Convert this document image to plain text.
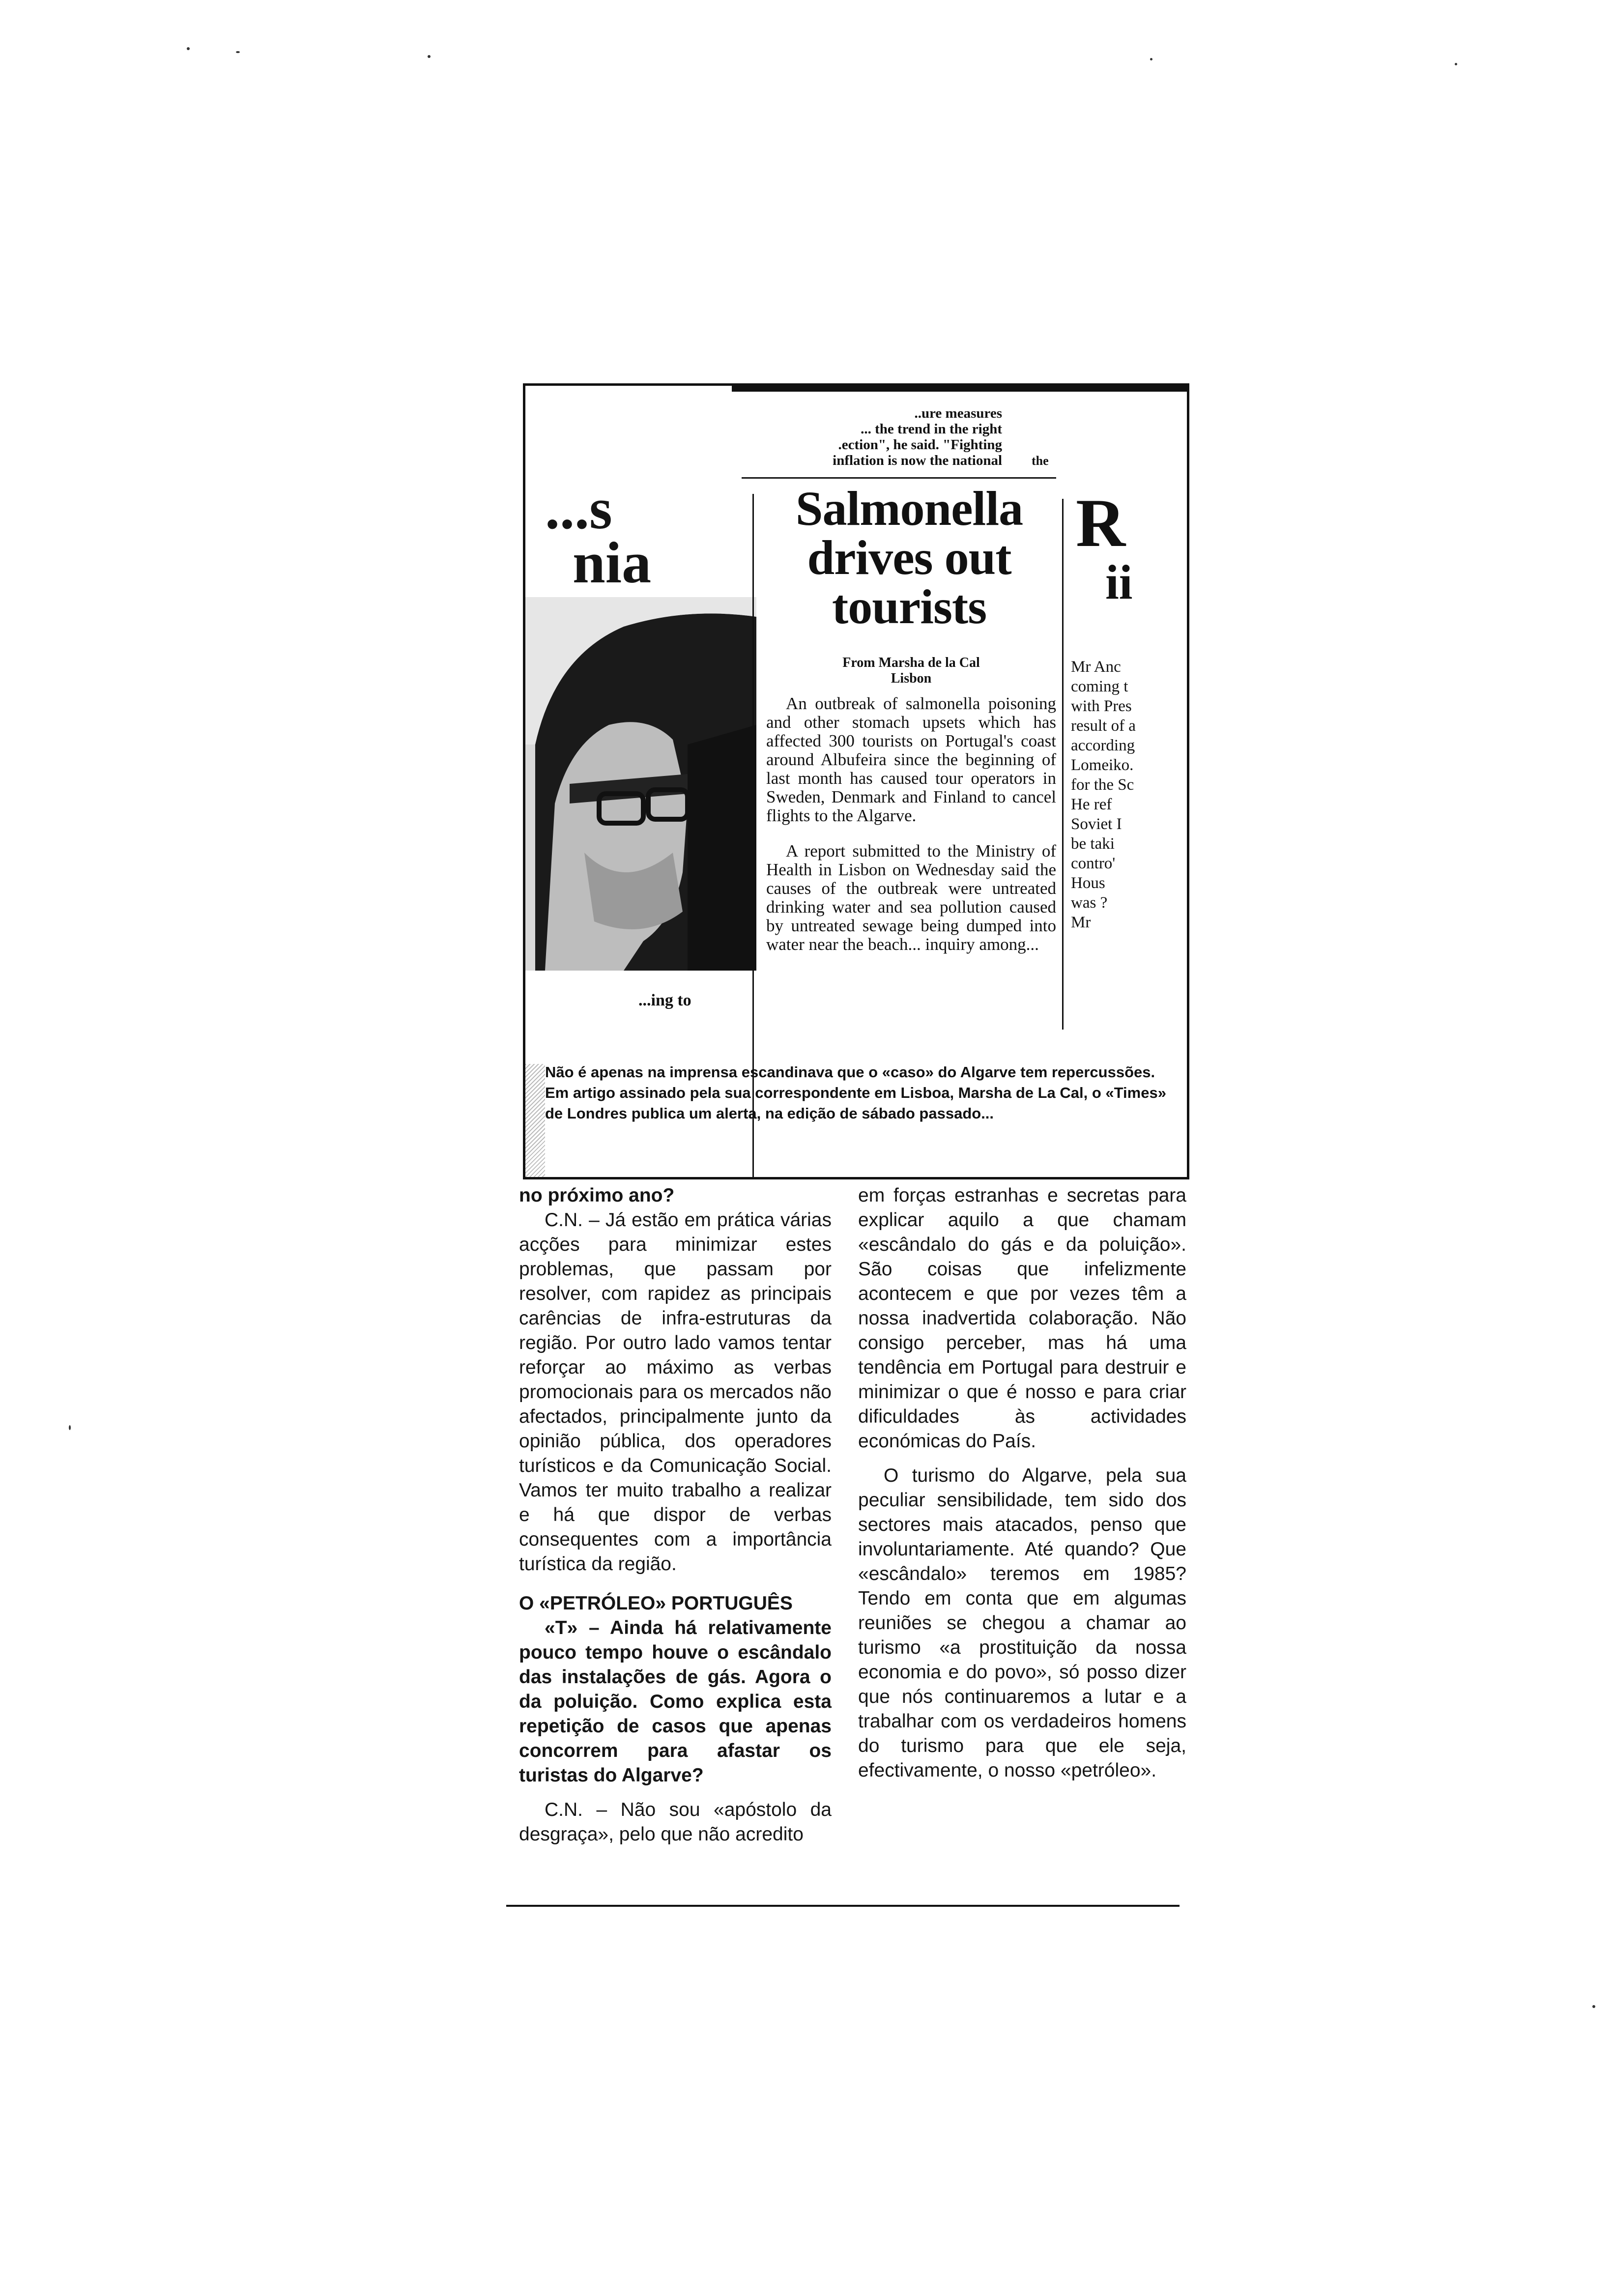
..ure measures
... the trend in the right
.ection", he said. "Fighting
inflation is now the national the
...s
nia
...ing to
Salmonella drives out tourists
From Marsha de la Cal
Lisbon

An outbreak of salmonella poisoning and other stomach upsets which has affected 300 tourists on Portugal's coast around Albufeira since the beginning of last month has caused tour operators in Sweden, Denmark and Finland to cancel flights to the Algarve.

A report submitted to the Ministry of Health in Lisbon on Wednesday said the causes of the outbreak were untreated drinking water and sea pollution caused by untreated sewage being dumped into water near the beach... inquiry among...

R
ii
Mr Anc
coming t
with Pres
result of a
according
Lomeiko.
for the Sc
He ref
Soviet I
be taki
contro'
Hous
was ?
Mr
Não é apenas na imprensa escandinava que o «caso» do Algarve tem repercussões. Em artigo assinado pela sua correspondente em Lisboa, Marsha de La Cal, o «Times» de Londres publica um alerta, na edição de sábado passado...

no próximo ano?

C.N. – Já estão em prática várias acções para minimizar estes problemas, que passam por resolver, com rapidez as principais carências de infra-estruturas da região. Por outro lado vamos tentar reforçar ao máximo as verbas promocionais para os mercados não afectados, principalmente junto da opinião pública, dos operadores turísticos e da Comunicação Social. Vamos ter muito trabalho a realizar e há que dispor de verbas consequentes com a importância turística da região.

O «PETRÓLEO» PORTUGUÊS

«T» – Ainda há relativamente pouco tempo houve o escândalo das instalações de gás. Agora o da poluição. Como explica esta repetição de casos que apenas concorrem para afastar os turistas do Algarve?

C.N. – Não sou «apóstolo da desgraça», pelo que não acredito

em forças estranhas e secretas para explicar aquilo a que chamam «escândalo do gás e da poluição». São coisas que infelizmente acontecem e que por vezes têm a nossa inadvertida colaboração. Não consigo perceber, mas há uma tendência em Portugal para destruir e minimizar o que é nosso e para criar dificuldades às actividades económicas do País.

O turismo do Algarve, pela sua peculiar sensibilidade, tem sido dos sectores mais atacados, penso que involuntariamente. Até quando? Que «escândalo» teremos em 1985? Tendo em conta que em algumas reuniões se chegou a chamar ao turismo «a prostituição da nossa economia e do povo», só posso dizer que nós continuaremos a lutar e a trabalhar com os verdadeiros homens do turismo para que ele seja, efectivamente, o nosso «petróleo».
